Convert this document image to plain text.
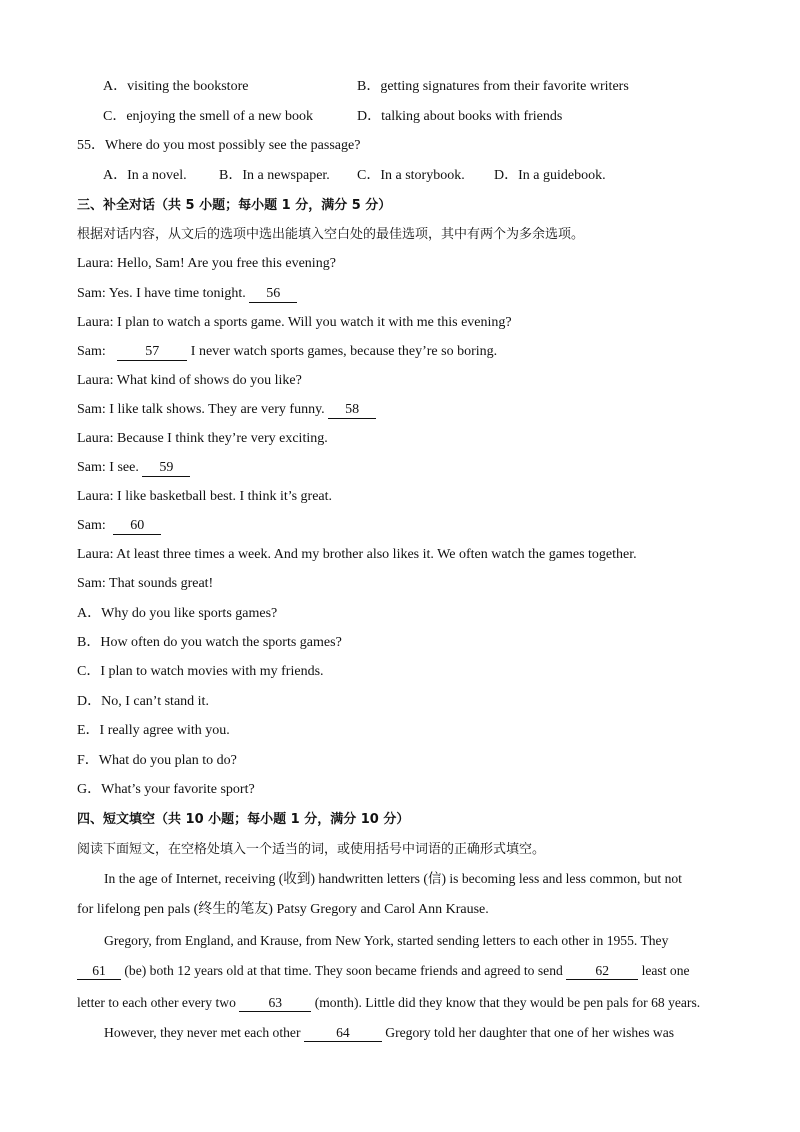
A．visiting the bookstore	B．getting signatures from their favorite writers
C．enjoying the smell of a new book	D．talking about books with friends
55．Where do you most possibly see the passage?
A．In a novel. B．In a newspaper. C．In a storybook. D．In a guidebook.
三、补全对话（共 5 小题；每小题 1 分，满分 5 分）
根据对话内容，从文后的选项中选出能填入空白处的最佳选项，其中有两个为多余选项。
Laura: Hello, Sam! Are you free this evening?
Sam: Yes. I have time tonight. 56
Laura: I plan to watch a sports game. Will you watch it with me this evening?
Sam:	57 I never watch sports games, because they’re so boring.
Laura: What kind of shows do you like?
Sam: I like talk shows. They are very funny. 58
Laura: Because I think they’re very exciting.
Sam: I see. 59
Laura: I like basketball best. I think it’s great.
Sam: 60
Laura: At least three times a week. And my brother also likes it. We often watch the games together.
Sam: That sounds great!
A．Why do you like sports games?
B．How often do you watch the sports games?
C．I plan to watch movies with my friends.
D．No, I can’t stand it.
E．I really agree with you.
F．What do you plan to do?
G．What’s your favorite sport?
四、短文填空（共 10 小题；每小题 1 分，满分 10 分）
阅读下面短文，在空格处填入一个适当的词，或使用括号中词语的正确形式填空。
In the age of Internet, receiving (收到) handwritten letters (信) is becoming less and less common, but not
for lifelong pen pals (终生的笔友) Patsy Gregory and Carol Ann Krause.
Gregory, from England, and Krause, from New York, started sending letters to each other in 1955. They
61 (be) both 12 years old at that time. They soon became friends and agreed to send 62 least one
letter to each other every two 63 (month). Little did they know that they would be pen pals for 68 years.
However, they never met each other 64 Gregory told her daughter that one of her wishes was
